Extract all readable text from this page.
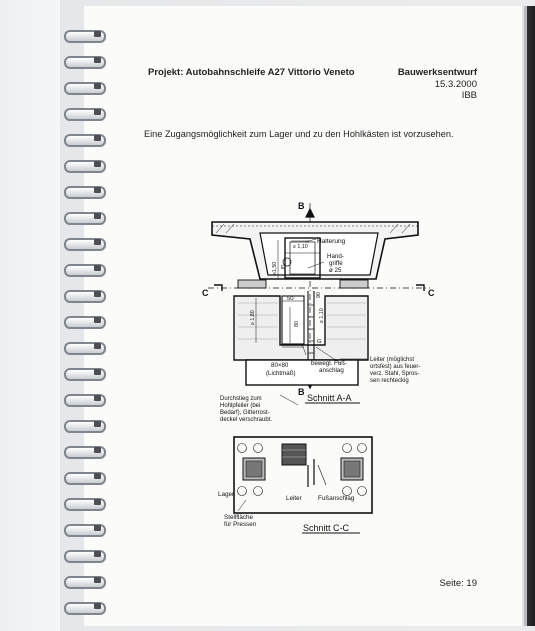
Projekt: Autobahnschleife A27 Vittorio Veneto	Bauwerksentwurf
15.3.2000
IBB
Eine Zugangsmöglichkeit zum Lager und zu den Hohlkästen ist vorzusehen.
B
B
C	C
Halterung
Hand-
griffe
ø 25
≥ 1,10
≥1,50 E
50
≥ 1,80	80
90
≥ 1,10
G
80×80
(Lichtmaß)
bewegl. Fuß-
anschlag
Leiter (möglichst
ortsfest) aus feuer-
verz. Stahl, Spros-
sen rechteckig
Durchstieg zum
Hohlpfeiler (bei
Bedarf), Gitterrost-
deckel verschraubt.
Schnitt A-A
Lager
Leiter	Fußanschlag
Stellfläche
für Pressen	Schnitt C-C
Seite: 19
